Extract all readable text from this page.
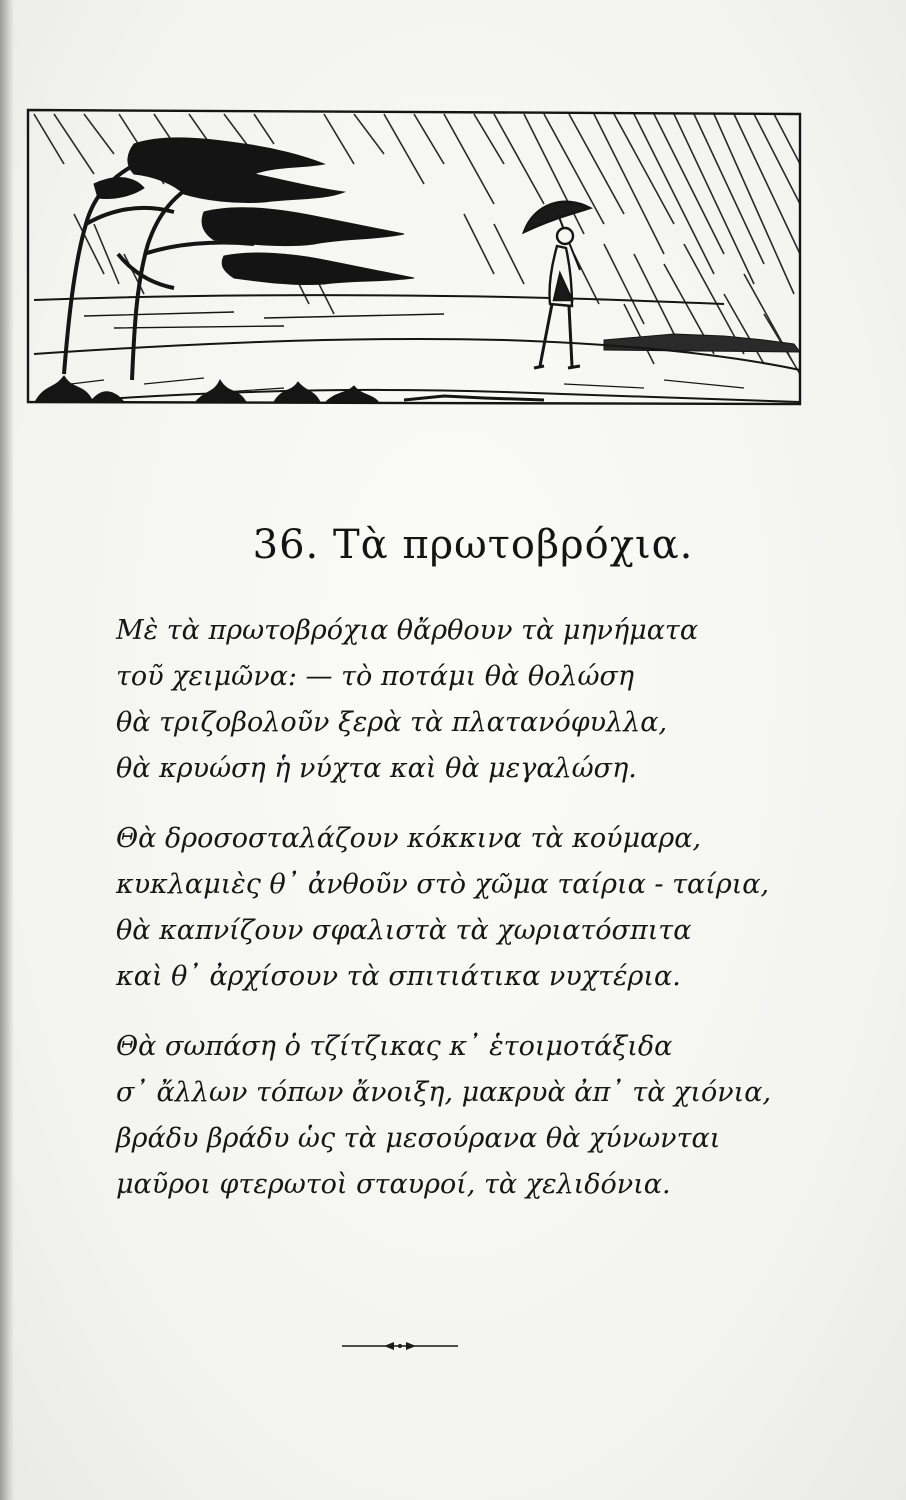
36. Τὰ πρωτοβρόχια.
Μὲ τὰ πρωτοβρόχια θἄρθουν τὰ μηνήματα
τοῦ χειμῶνα: — τὸ ποτάμι θὰ θολώση
θὰ τριζοβολοῦν ξερὰ τὰ πλατανόφυλλα,
θὰ κρυώση ἡ νύχτα καὶ θὰ μεγαλώση.
Θὰ δροσοσταλάζουν κόκκινα τὰ κούμαρα,
κυκλαμιὲς θ᾿ ἀνθοῦν στὸ χῶμα ταίρια - ταίρια,
θὰ καπνίζουν σφαλιστὰ τὰ χωριατόσπιτα
καὶ θ᾿ ἀρχίσουν τὰ σπιτιάτικα νυχτέρια.
Θὰ σωπάση ὁ τζίτζικας κ᾿ ἑτοιμοτάξιδα
σ᾿ ἄλλων τόπων ἄνοιξη, μακρυὰ ἀπ᾿ τὰ χιόνια,
βράδυ βράδυ ὡς τὰ μεσούρανα θὰ χύνωνται
μαῦροι φτερωτοὶ σταυροί, τὰ χελιδόνια.
